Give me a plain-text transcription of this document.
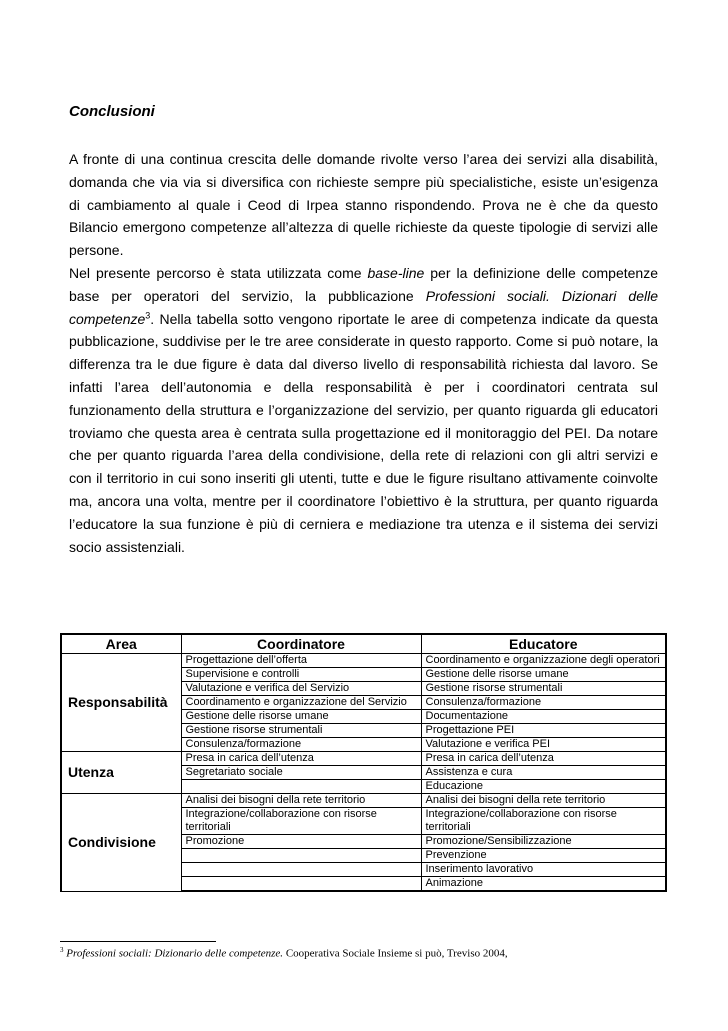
Conclusioni

A fronte di una continua crescita delle domande rivolte verso l’area dei servizi alla disabilità, domanda che via via si diversifica con richieste sempre più specialistiche, esiste un’esigenza di cambiamento al quale i Ceod di Irpea stanno rispondendo. Prova ne è che da questo Bilancio emergono competenze all’altezza di quelle richieste da queste tipologie di servizi alle persone.

Nel presente percorso è stata utilizzata come base-line per la definizione delle competenze base per operatori del servizio, la pubblicazione Professioni sociali. Dizionari delle competenze$^3$. Nella tabella sotto vengono riportate le aree di competenza indicate da questa pubblicazione, suddivise per le tre aree considerate in questo rapporto. Come si può notare, la differenza tra le due figure è data dal diverso livello di responsabilità richiesta dal lavoro. Se infatti l’area dell’autonomia e della responsabilità è per i coordinatori centrata sul funzionamento della struttura e l’organizzazione del servizio, per quanto riguarda gli educatori troviamo che questa area è centrata sulla progettazione ed il monitoraggio del PEI. Da notare che per quanto riguarda l’area della condivisione, della rete di relazioni con gli altri servizi e con il territorio in cui sono inseriti gli utenti, tutte e due le figure risultano attivamente coinvolte ma, ancora una volta, mentre per il coordinatore l’obiettivo è la struttura, per quanto riguarda l’educatore la sua funzione è più di cerniera e mediazione tra utenza e il sistema dei servizi socio assistenziali.

Area	Coordinatore	Educatore
Responsabilità	Progettazione dell’offerta	Coordinamento e organizzazione degli operatori
	Supervisione e controlli	Gestione delle risorse umane
	Valutazione e verifica del Servizio	Gestione risorse strumentali
	Coordinamento e organizzazione del Servizio	Consulenza/formazione
	Gestione delle risorse umane	Documentazione
	Gestione risorse strumentali	Progettazione PEI
	Consulenza/formazione	Valutazione e verifica PEI
Utenza	Presa in carica dell’utenza	Presa in carica dell’utenza
	Segretariato sociale	Assistenza e cura
		Educazione
Condivisione	Analisi dei bisogni della rete territorio	Analisi dei bisogni della rete territorio
	Integrazione/collaborazione con risorse territoriali	Integrazione/collaborazione con risorse territoriali
	Promozione	Promozione/Sensibilizzazione
		Prevenzione
		Inserimento lavorativo
		Animazione
$^3$ Professioni sociali: Dizionario delle competenze. Cooperativa Sociale Insieme si può, Treviso 2004,
